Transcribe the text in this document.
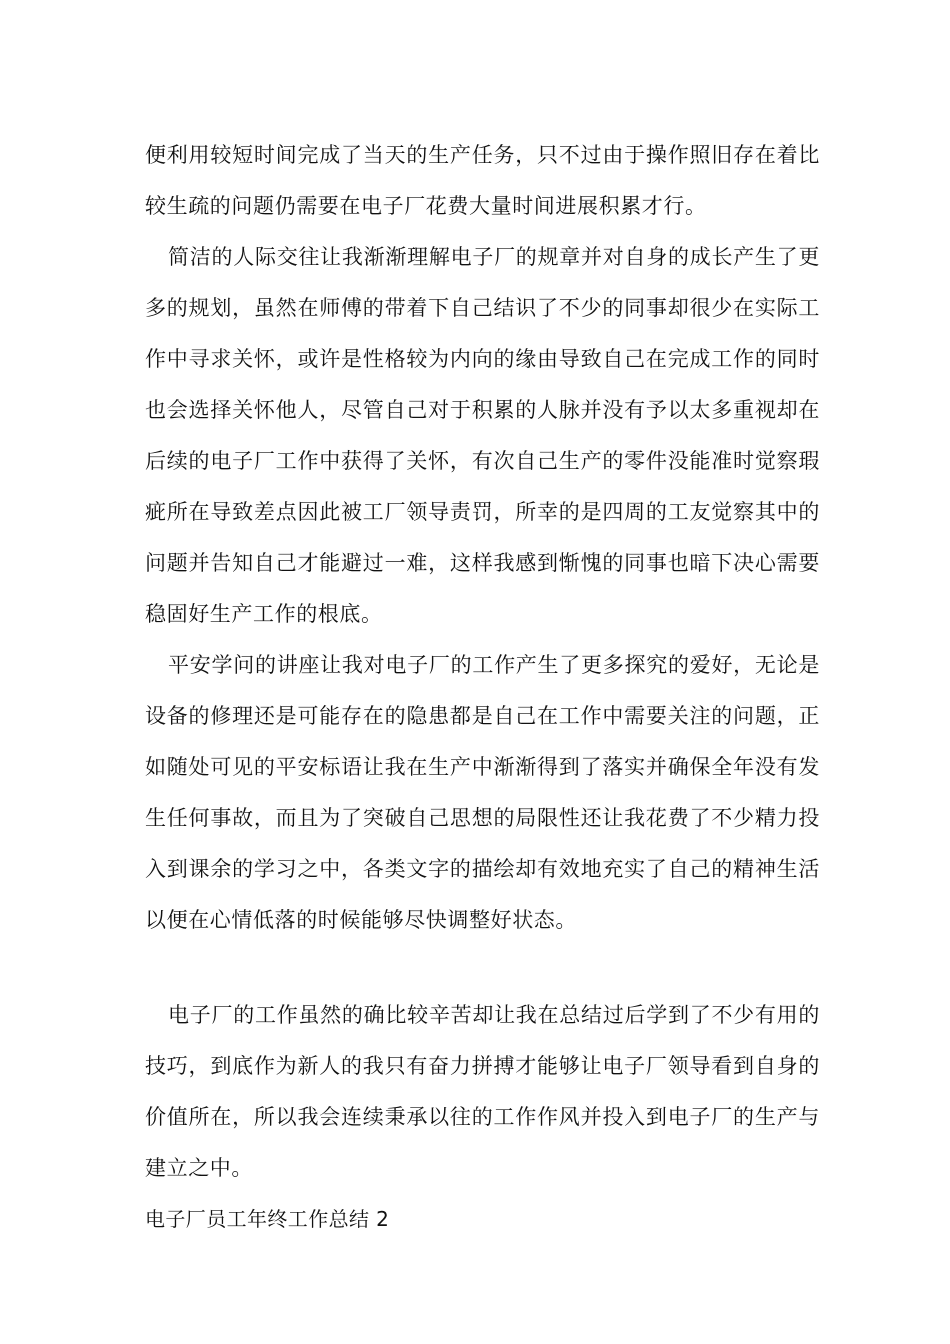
便利用较短时间完成了当天的生产任务，只不过由于操作照旧存在着比较生疏的问题仍需要在电子厂花费大量时间进展积累才行。

简洁的人际交往让我渐渐理解电子厂的规章并对自身的成长产生了更多的规划，虽然在师傅的带着下自己结识了不少的同事却很少在实际工作中寻求关怀，或许是性格较为内向的缘由导致自己在完成工作的同时也会选择关怀他人，尽管自己对于积累的人脉并没有予以太多重视却在后续的电子厂工作中获得了关怀，有次自己生产的零件没能准时觉察瑕疵所在导致差点因此被工厂领导责罚，所幸的是四周的工友觉察其中的问题并告知自己才能避过一难，这样我感到惭愧的同事也暗下决心需要稳固好生产工作的根底。

平安学问的讲座让我对电子厂的工作产生了更多探究的爱好，无论是设备的修理还是可能存在的隐患都是自己在工作中需要关注的问题，正如随处可见的平安标语让我在生产中渐渐得到了落实并确保全年没有发生任何事故，而且为了突破自己思想的局限性还让我花费了不少精力投入到课余的学习之中，各类文字的描绘却有效地充实了自己的精神生活以便在心情低落的时候能够尽快调整好状态。

电子厂的工作虽然的确比较辛苦却让我在总结过后学到了不少有用的技巧，到底作为新人的我只有奋力拼搏才能够让电子厂领导看到自身的价值所在，所以我会连续秉承以往的工作作风并投入到电子厂的生产与建立之中。

电子厂员工年终工作总结 2
